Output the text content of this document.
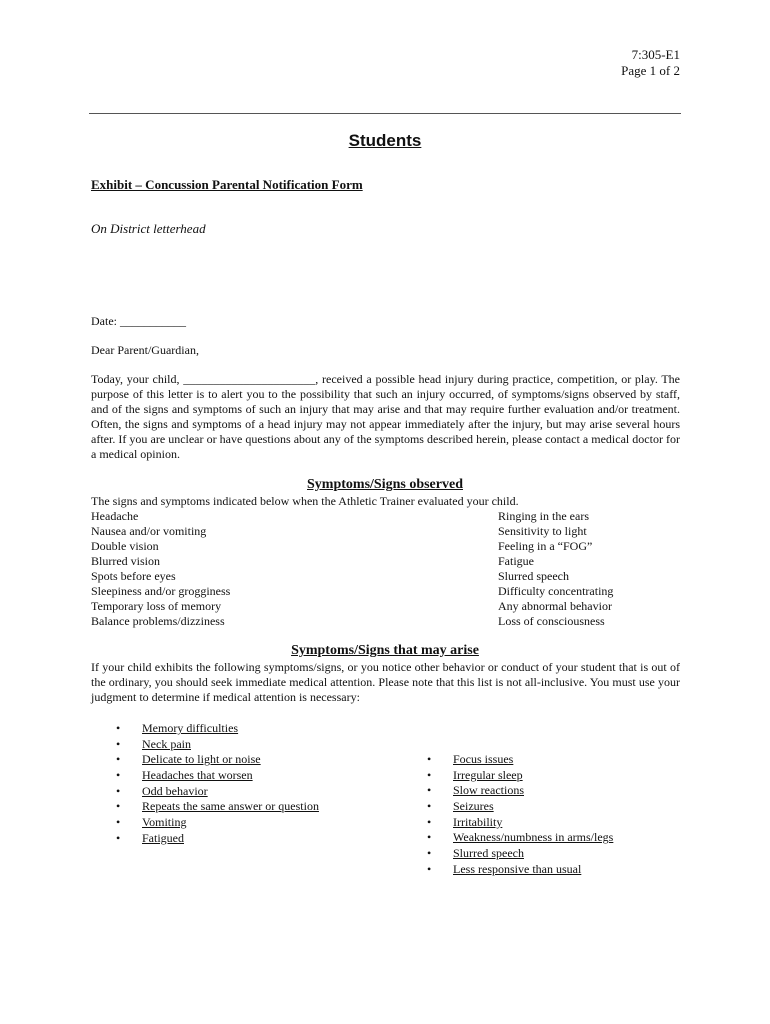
7:305-E1
Page 1 of 2
Students
Exhibit – Concussion Parental Notification Form
On District letterhead
Date: ___________
Dear Parent/Guardian,
Today, your child, ______________________, received a possible head injury during practice, competition, or play. The purpose of this letter is to alert you to the possibility that such an injury occurred, of symptoms/signs observed by staff, and of the signs and symptoms of such an injury that may arise and that may require further evaluation and/or treatment. Often, the signs and symptoms of a head injury may not appear immediately after the injury, but may arise several hours after. If you are unclear or have questions about any of the symptoms described herein, please contact a medical doctor for a medical opinion.
Symptoms/Signs observed
The signs and symptoms indicated below when the Athletic Trainer evaluated your child.
Headache
Nausea and/or vomiting
Double vision
Blurred vision
Spots before eyes
Sleepiness and/or grogginess
Temporary loss of memory
Balance problems/dizziness
Ringing in the ears
Sensitivity to light
Feeling in a “FOG”
Fatigue
Slurred speech
Difficulty concentrating
Any abnormal behavior
Loss of consciousness
Symptoms/Signs that may arise
If your child exhibits the following symptoms/signs, or you notice other behavior or conduct of your student that is out of the ordinary, you should seek immediate medical attention. Please note that this list is not all-inclusive. You must use your judgment to determine if medical attention is necessary:
• Memory difficulties
• Neck pain
• Delicate to light or noise
• Headaches that worsen
• Odd behavior
• Repeats the same answer or question
• Vomiting
• Fatigued
• Focus issues
• Irregular sleep
• Slow reactions
• Seizures
• Irritability
• Weakness/numbness in arms/legs
• Slurred speech
• Less responsive than usual
